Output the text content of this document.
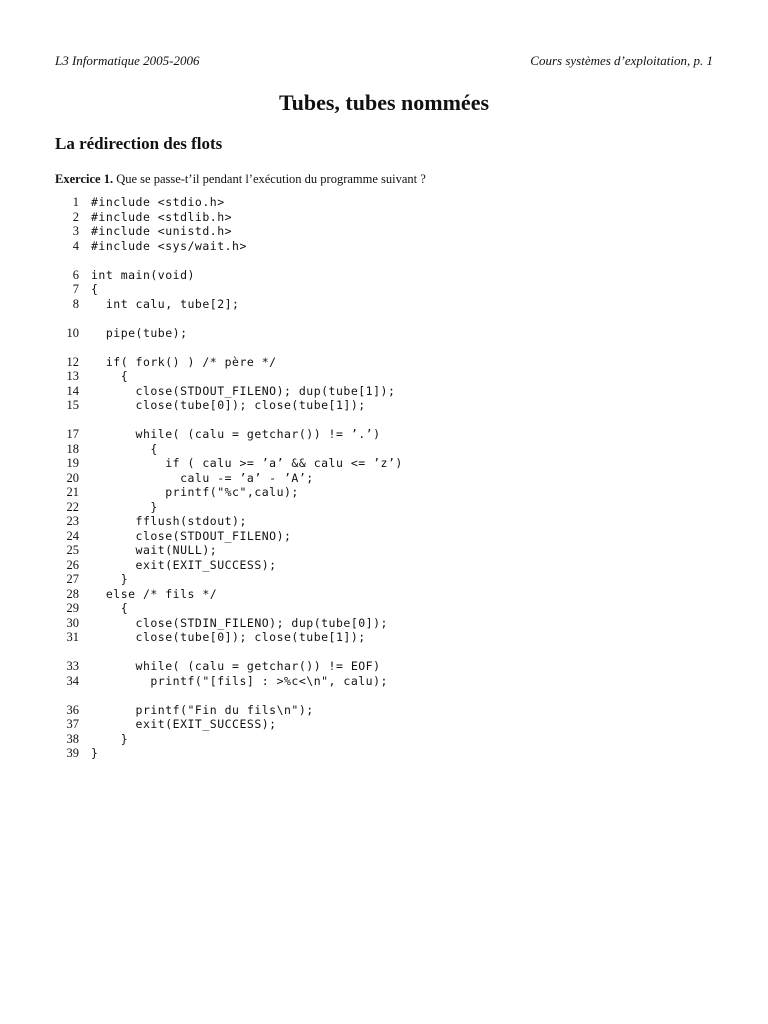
L3 Informatique 2005-2006	Cours systèmes d’exploitation, p. 1
Tubes, tubes nommées
La rédirection des flots
Exercice 1. Que se passe-t’il pendant l’exécution du programme suivant ?
1 #include <stdio.h>
2 #include <stdlib.h>
3 #include <unistd.h>
4 #include <sys/wait.h>
6 int main(void)
7 {
8  int calu, tube[2];
10  pipe(tube);
12  if( fork() ) /* père */
13    {
14      close(STDOUT_FILENO); dup(tube[1]);
15      close(tube[0]); close(tube[1]);
17      while( (calu = getchar()) != ’.’)
18        {
19          if ( calu >= ’a’ && calu <= ’z’)
20            calu -= ’a’ - ’A’;
21          printf("%c",calu);
22        }
23      fflush(stdout);
24      close(STDOUT_FILENO);
25      wait(NULL);
26      exit(EXIT_SUCCESS);
27    }
28  else /* fils */
29    {
30      close(STDIN_FILENO); dup(tube[0]);
31      close(tube[0]); close(tube[1]);
33      while( (calu = getchar()) != EOF)
34        printf("[fils] : >%c<\n", calu);
36      printf("Fin du fils\n");
37      exit(EXIT_SUCCESS);
38    }
39 }
